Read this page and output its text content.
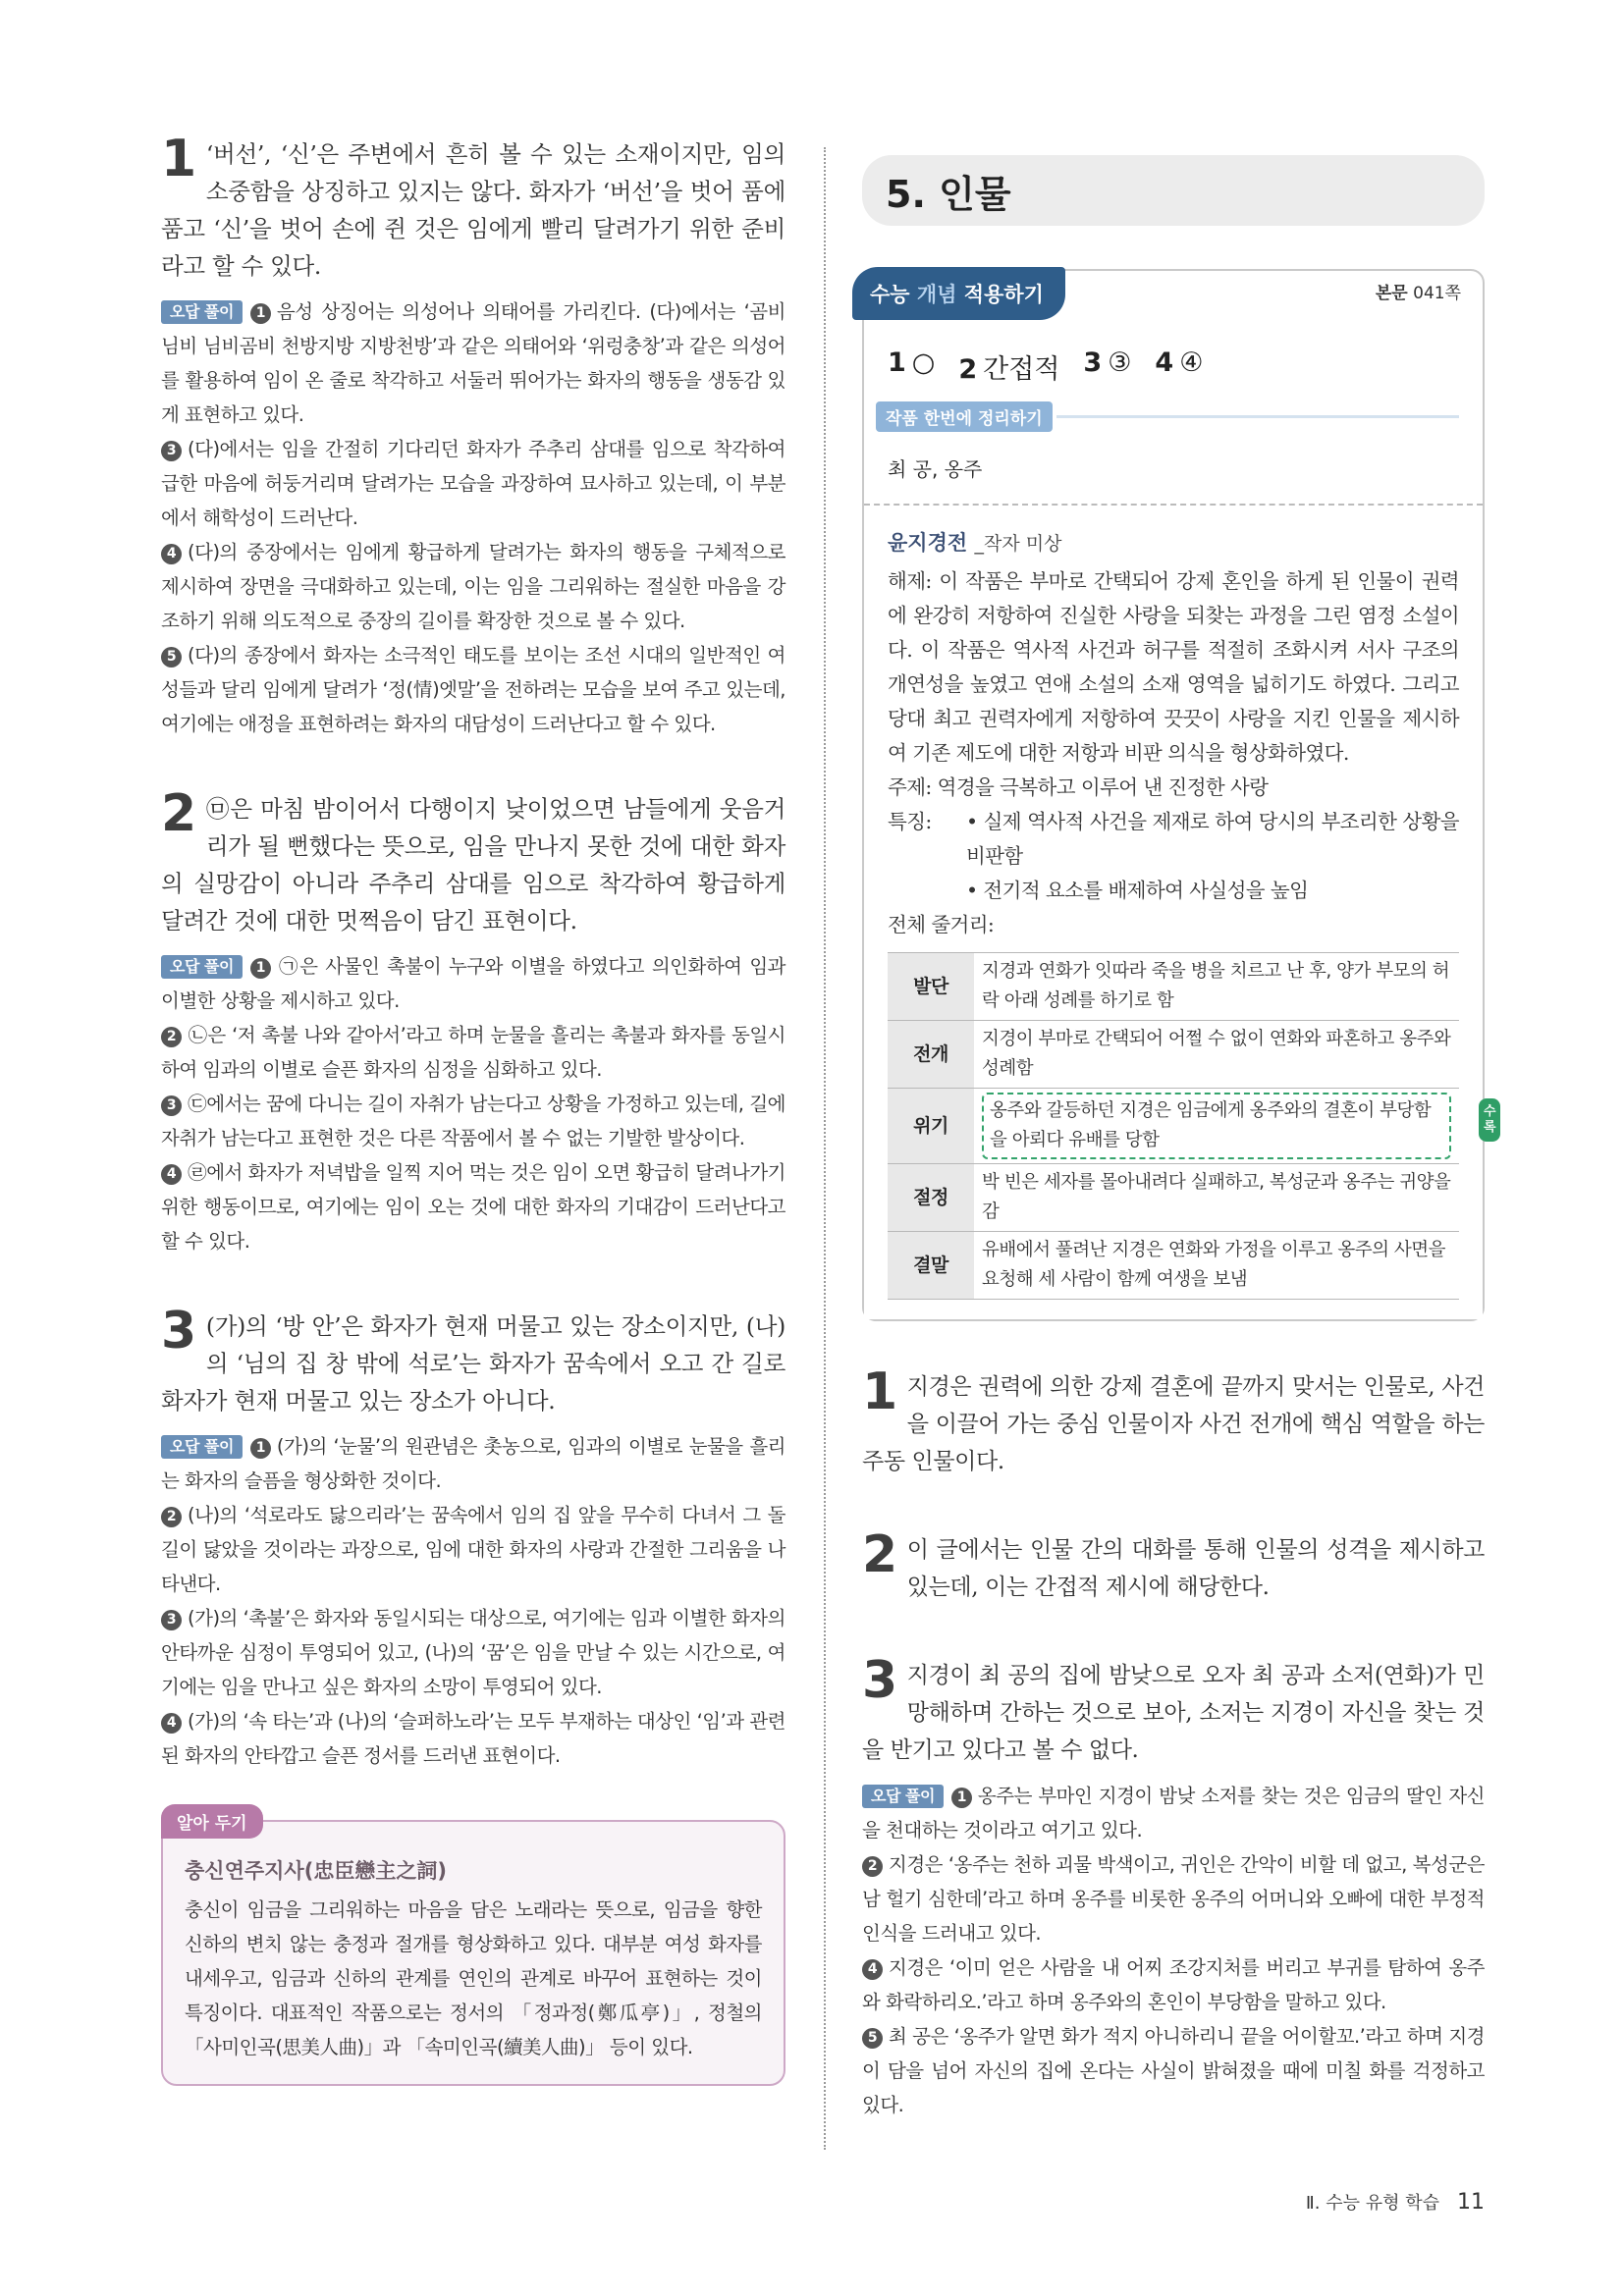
1 ‘버선’, ‘신’은 주변에서 흔히 볼 수 있는 소재이지만, 임의 소중함을 상징하고 있지는 않다. 화자가 ‘버선’을 벗어 품에 품고 ‘신’을 벗어 손에 쥔 것은 임에게 빨리 달려가기 위한 준비라고 할 수 있다.

오답 풀이 1 음성 상징어는 의성어나 의태어를 가리킨다. (다)에서는 ‘곰비님비 님비곰비 천방지방 지방천방’과 같은 의태어와 ‘위렁충창’과 같은 의성어를 활용하여 임이 온 줄로 착각하고 서둘러 뛰어가는 화자의 행동을 생동감 있게 표현하고 있다.

3 (다)에서는 임을 간절히 기다리던 화자가 주추리 삼대를 임으로 착각하여 급한 마음에 허둥거리며 달려가는 모습을 과장하여 묘사하고 있는데, 이 부분에서 해학성이 드러난다.

4 (다)의 중장에서는 임에게 황급하게 달려가는 화자의 행동을 구체적으로 제시하여 장면을 극대화하고 있는데, 이는 임을 그리워하는 절실한 마음을 강조하기 위해 의도적으로 중장의 길이를 확장한 것으로 볼 수 있다.

5 (다)의 종장에서 화자는 소극적인 태도를 보이는 조선 시대의 일반적인 여성들과 달리 임에게 달려가 ‘정(情)엣말’을 전하려는 모습을 보여 주고 있는데, 여기에는 애정을 표현하려는 화자의 대담성이 드러난다고 할 수 있다.

2 ㉤은 마침 밤이어서 다행이지 낮이었으면 남들에게 웃음거리가 될 뻔했다는 뜻으로, 임을 만나지 못한 것에 대한 화자의 실망감이 아니라 주추리 삼대를 임으로 착각하여 황급하게 달려간 것에 대한 멋쩍음이 담긴 표현이다.

오답 풀이 1 ㉠은 사물인 촉불이 누구와 이별을 하였다고 의인화하여 임과 이별한 상황을 제시하고 있다.

2 ㉡은 ‘저 촉불 나와 같아서’라고 하며 눈물을 흘리는 촉불과 화자를 동일시하여 임과의 이별로 슬픈 화자의 심정을 심화하고 있다.

3 ㉢에서는 꿈에 다니는 길이 자취가 남는다고 상황을 가정하고 있는데, 길에 자취가 남는다고 표현한 것은 다른 작품에서 볼 수 없는 기발한 발상이다.

4 ㉣에서 화자가 저녁밥을 일찍 지어 먹는 것은 임이 오면 황급히 달려나가기 위한 행동이므로, 여기에는 임이 오는 것에 대한 화자의 기대감이 드러난다고 할 수 있다.

3 (가)의 ‘방 안’은 화자가 현재 머물고 있는 장소이지만, (나)의 ‘님의 집 창 밖에 석로’는 화자가 꿈속에서 오고 간 길로 화자가 현재 머물고 있는 장소가 아니다.

오답 풀이 1 (가)의 ‘눈물’의 원관념은 촛농으로, 임과의 이별로 눈물을 흘리는 화자의 슬픔을 형상화한 것이다.

2 (나)의 ‘석로라도 닳으리라’는 꿈속에서 임의 집 앞을 무수히 다녀서 그 돌길이 닳았을 것이라는 과장으로, 임에 대한 화자의 사랑과 간절한 그리움을 나타낸다.

3 (가)의 ‘촉불’은 화자와 동일시되는 대상으로, 여기에는 임과 이별한 화자의 안타까운 심정이 투영되어 있고, (나)의 ‘꿈’은 임을 만날 수 있는 시간으로, 여기에는 임을 만나고 싶은 화자의 소망이 투영되어 있다.

4 (가)의 ‘속 타는’과 (나)의 ‘슬퍼하노라’는 모두 부재하는 대상인 ‘임’과 관련된 화자의 안타깝고 슬픈 정서를 드러낸 표현이다.

알아 두기
충신연주지사(忠臣戀主之詞)
충신이 임금을 그리워하는 마음을 담은 노래라는 뜻으로, 임금을 향한 신하의 변치 않는 충정과 절개를 형상화하고 있다. 대부분 여성 화자를 내세우고, 임금과 신하의 관계를 연인의 관계로 바꾸어 표현하는 것이 특징이다. 대표적인 작품으로는 정서의 「정과정(鄭瓜亭)」, 정철의 「사미인곡(思美人曲)」과 「속미인곡(續美人曲)」 등이 있다.
5. 인물
수능 개념 적용하기	본문 041쪽
1 ○ 2 간접적 3 ③ 4 ④
작품 한번에 정리하기
최 공, 옹주
윤지경전 _작자 미상

해제: 이 작품은 부마로 간택되어 강제 혼인을 하게 된 인물이 권력에 완강히 저항하여 진실한 사랑을 되찾는 과정을 그린 염정 소설이다. 이 작품은 역사적 사건과 허구를 적절히 조화시켜 서사 구조의 개연성을 높였고 연애 소설의 소재 영역을 넓히기도 하였다. 그리고 당대 최고 권력자에게 저항하여 끗끗이 사랑을 지킨 인물을 제시하여 기존 제도에 대한 저항과 비판 의식을 형상화하였다.

주제: 역경을 극복하고 이루어 낸 진정한 사랑

특징: • 실제 역사적 사건을 제재로 하여 당시의 부조리한 상황을 비판함

• 전기적 요소를 배제하여 사실성을 높임

전체 줄거리:

발단	지경과 연화가 잇따라 죽을 병을 치르고 난 후, 양가 부모의 허락 아래 성례를 하기로 함
전개	지경이 부마로 간택되어 어쩔 수 없이 연화와 파혼하고 옹주와 성례함
위기	옹주와 갈등하던 지경은 임금에게 옹주와의 결혼이 부당함을 아뢰다 유배를 당함
수록

절정	박 빈은 세자를 몰아내려다 실패하고, 복성군과 옹주는 귀양을 감
결말	유배에서 풀려난 지경은 연화와 가정을 이루고 옹주의 사면을 요청해 세 사람이 함께 여생을 보냄
1 지경은 권력에 의한 강제 결혼에 끝까지 맞서는 인물로, 사건을 이끌어 가는 중심 인물이자 사건 전개에 핵심 역할을 하는 주동 인물이다.
2 이 글에서는 인물 간의 대화를 통해 인물의 성격을 제시하고 있는데, 이는 간접적 제시에 해당한다.
3 지경이 최 공의 집에 밤낮으로 오자 최 공과 소저(연화)가 민망해하며 간하는 것으로 보아, 소저는 지경이 자신을 찾는 것을 반기고 있다고 볼 수 없다.

오답 풀이 1 옹주는 부마인 지경이 밤낮 소저를 찾는 것은 임금의 딸인 자신을 천대하는 것이라고 여기고 있다.

2 지경은 ‘옹주는 천하 괴물 박색이고, 귀인은 간악이 비할 데 없고, 복성군은 남 헐기 심한데’라고 하며 옹주를 비롯한 옹주의 어머니와 오빠에 대한 부정적 인식을 드러내고 있다.

4 지경은 ‘이미 얻은 사람을 내 어찌 조강지처를 버리고 부귀를 탐하여 옹주와 화락하리오.’라고 하며 옹주와의 혼인이 부당함을 말하고 있다.

5 최 공은 ‘옹주가 알면 화가 적지 아니하리니 끝을 어이할꼬.’라고 하며 지경이 담을 넘어 자신의 집에 온다는 사실이 밝혀졌을 때에 미칠 화를 걱정하고 있다.

Ⅱ. 수능 유형 학습 11
